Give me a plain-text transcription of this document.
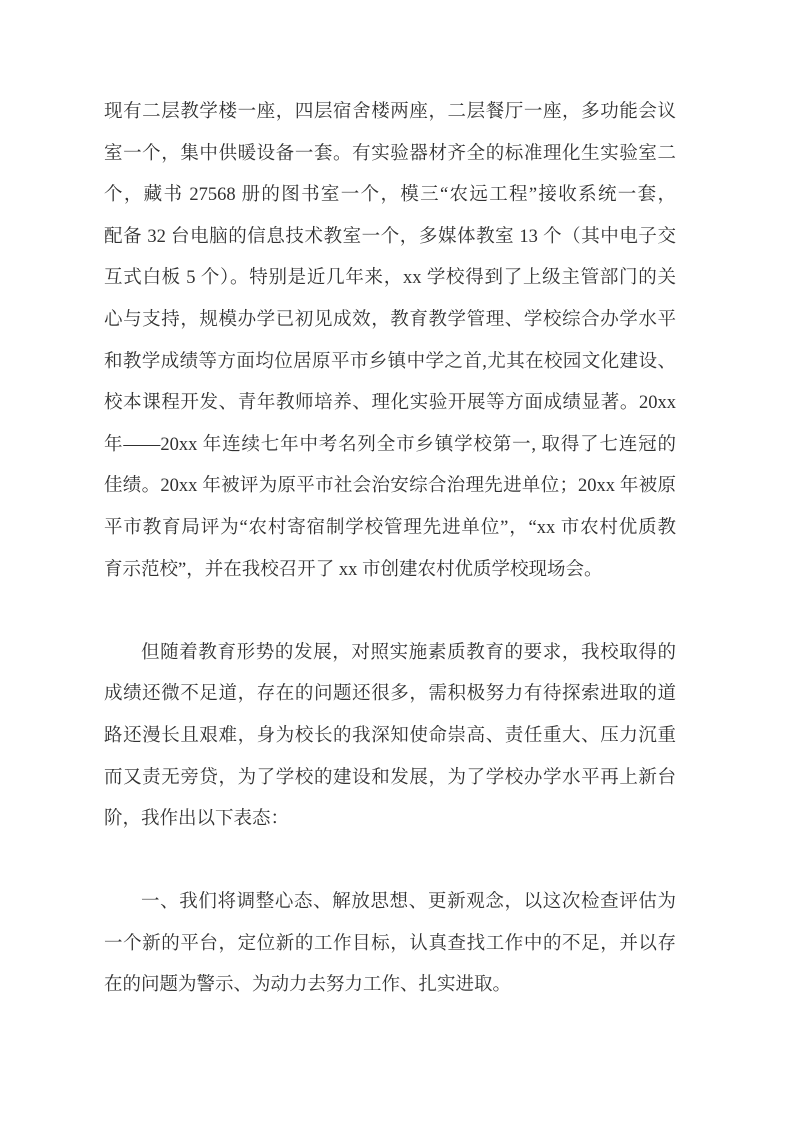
现有二层教学楼一座，四层宿舍楼两座，二层餐厅一座，多功能会议
室一个，集中供暖设备一套。有实验器材齐全的标准理化生实验室二
个，藏书 27568 册的图书室一个，模三“农远工程”接收系统一套，
配备 32 台电脑的信息技术教室一个，多媒体教室 13 个（其中电子交
互式白板 5 个）。特别是近几年来，xx 学校得到了上级主管部门的关
心与支持，规模办学已初见成效，教育教学管理、学校综合办学水平
和教学成绩等方面均位居原平市乡镇中学之首,尤其在校园文化建设、
校本课程开发、青年教师培养、理化实验开展等方面成绩显著。20xx
年——20xx 年连续七年中考名列全市乡镇学校第一, 取得了七连冠的
佳绩。20xx 年被评为原平市社会治安综合治理先进单位；20xx 年被原
平市教育局评为“农村寄宿制学校管理先进单位”，“xx 市农村优质教
育示范校”，并在我校召开了 xx 市创建农村优质学校现场会。
但随着教育形势的发展，对照实施素质教育的要求，我校取得的
成绩还微不足道，存在的问题还很多，需积极努力有待探索进取的道
路还漫长且艰难，身为校长的我深知使命崇高、责任重大、压力沉重
而又责无旁贷，为了学校的建设和发展，为了学校办学水平再上新台
阶，我作出以下表态：
一、我们将调整心态、解放思想、更新观念，以这次检查评估为
一个新的平台，定位新的工作目标，认真查找工作中的不足，并以存
在的问题为警示、为动力去努力工作、扎实进取。
